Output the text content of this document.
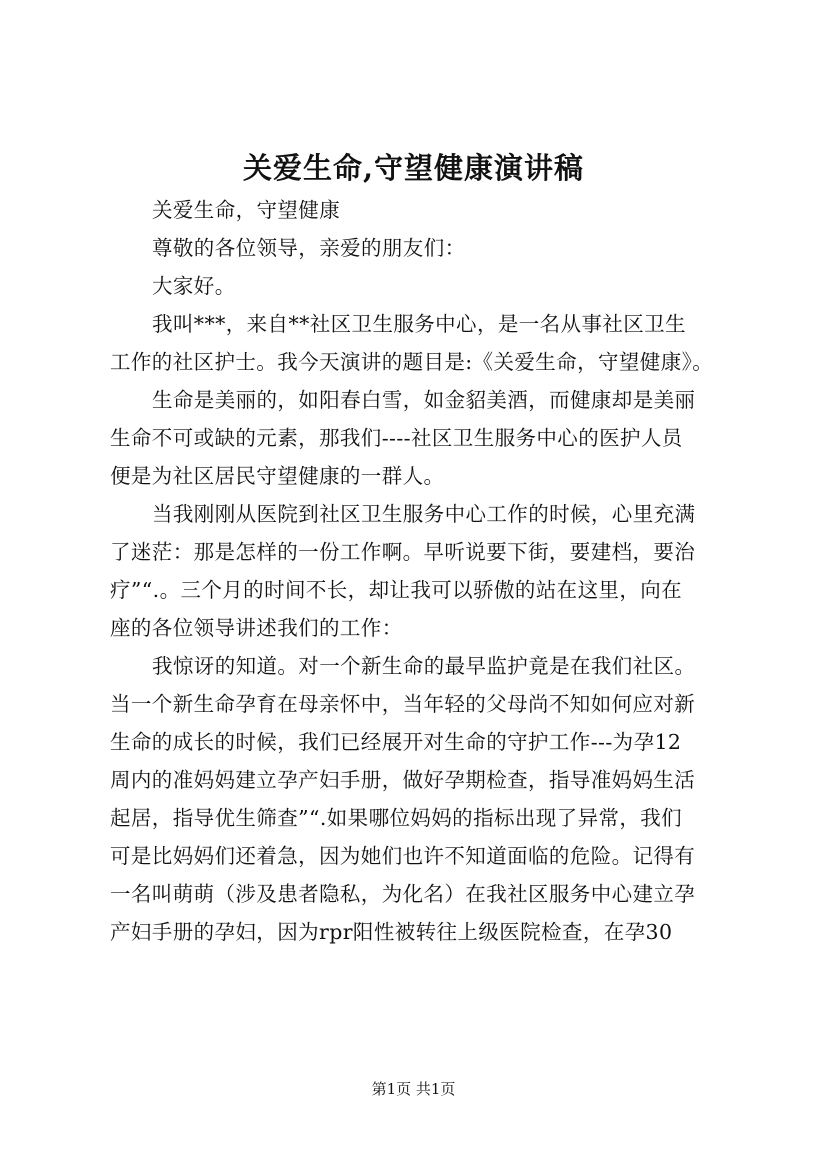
关爱生命,守望健康演讲稿
关爱生命，守望健康
尊敬的各位领导，亲爱的朋友们：
大家好。
我叫***，来自**社区卫生服务中心，是一名从事社区卫生
工作的社区护士。我今天演讲的题目是:《关爱生命，守望健康》。
生命是美丽的，如阳春白雪，如金貂美酒，而健康却是美丽
生命不可或缺的元素，那我们----社区卫生服务中心的医护人员
便是为社区居民守望健康的一群人。
当我刚刚从医院到社区卫生服务中心工作的时候，心里充满
了迷茫：那是怎样的一份工作啊。早听说要下街，要建档，要治
疗”“.。三个月的时间不长，却让我可以骄傲的站在这里，向在
座的各位领导讲述我们的工作：
我惊讶的知道。对一个新生命的最早监护竟是在我们社区。
当一个新生命孕育在母亲怀中，当年轻的父母尚不知如何应对新
生命的成长的时候，我们已经展开对生命的守护工作---为孕12
周内的准妈妈建立孕产妇手册，做好孕期检查，指导准妈妈生活
起居，指导优生筛查”“.如果哪位妈妈的指标出现了异常，我们
可是比妈妈们还着急，因为她们也许不知道面临的危险。记得有
一名叫萌萌（涉及患者隐私，为化名）在我社区服务中心建立孕
产妇手册的孕妇，因为rpr阳性被转往上级医院检查，在孕30
第1页 共1页
